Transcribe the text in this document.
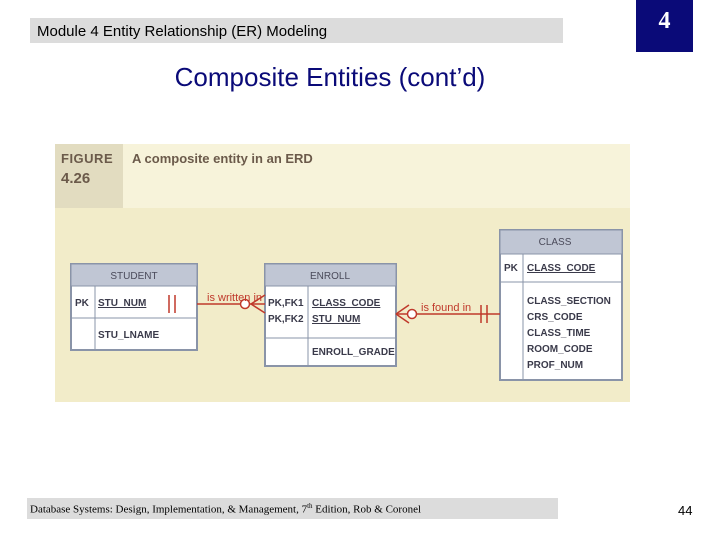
Module 4 Entity Relationship (ER) Modeling	4
Composite Entities (cont’d)
FIGURE
4.26
A composite entity in an ERD
STUDENT
PK STU_NUM
STU_LNAME
ENROLL
PK,FK1
PK,FK2
CLASS_CODE
STU_NUM
ENROLL_GRADE
CLASS
PK CLASS_CODE
CLASS_SECTION
CRS_CODE
CLASS_TIME
ROOM_CODE
PROF_NUM
is written in
is found in
Database Systems: Design, Implementation, & Management, 7th Edition, Rob & Coronel	44
